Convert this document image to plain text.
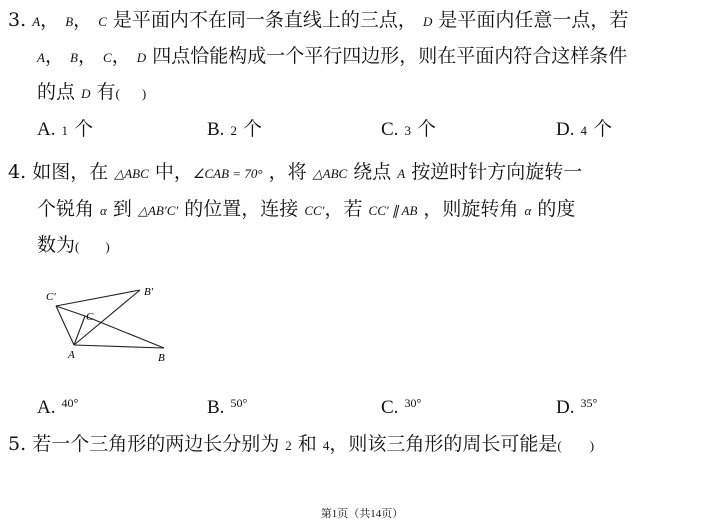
3. A， B， C 是平面内不在同一条直线上的三点， D 是平面内任意一点，若
A， B， C， D 四点恰能构成一个平行四边形，则在平面内符合这样条件
的点 D 有( )
A. 1 个	B. 2 个	C. 3 个	D. 4 个
4. 如图，在 △ABC 中，∠CAB = 70° ，将 △ABC 绕点 A 按逆时针方向旋转一
个锐角 α 到 △AB′C′ 的位置，连接 CC′，若 CC′ ∥ AB ，则旋转角 α 的度
数为( )
C′	B′
C
A	B
A. $^{40^\circ}$	B. $^{50^\circ}$	C. $^{30^\circ}$	D. $^{35^\circ}$
5. 若一个三角形的两边长分别为 2 和 4，则该三角形的周长可能是( )
第1页（共14页）
